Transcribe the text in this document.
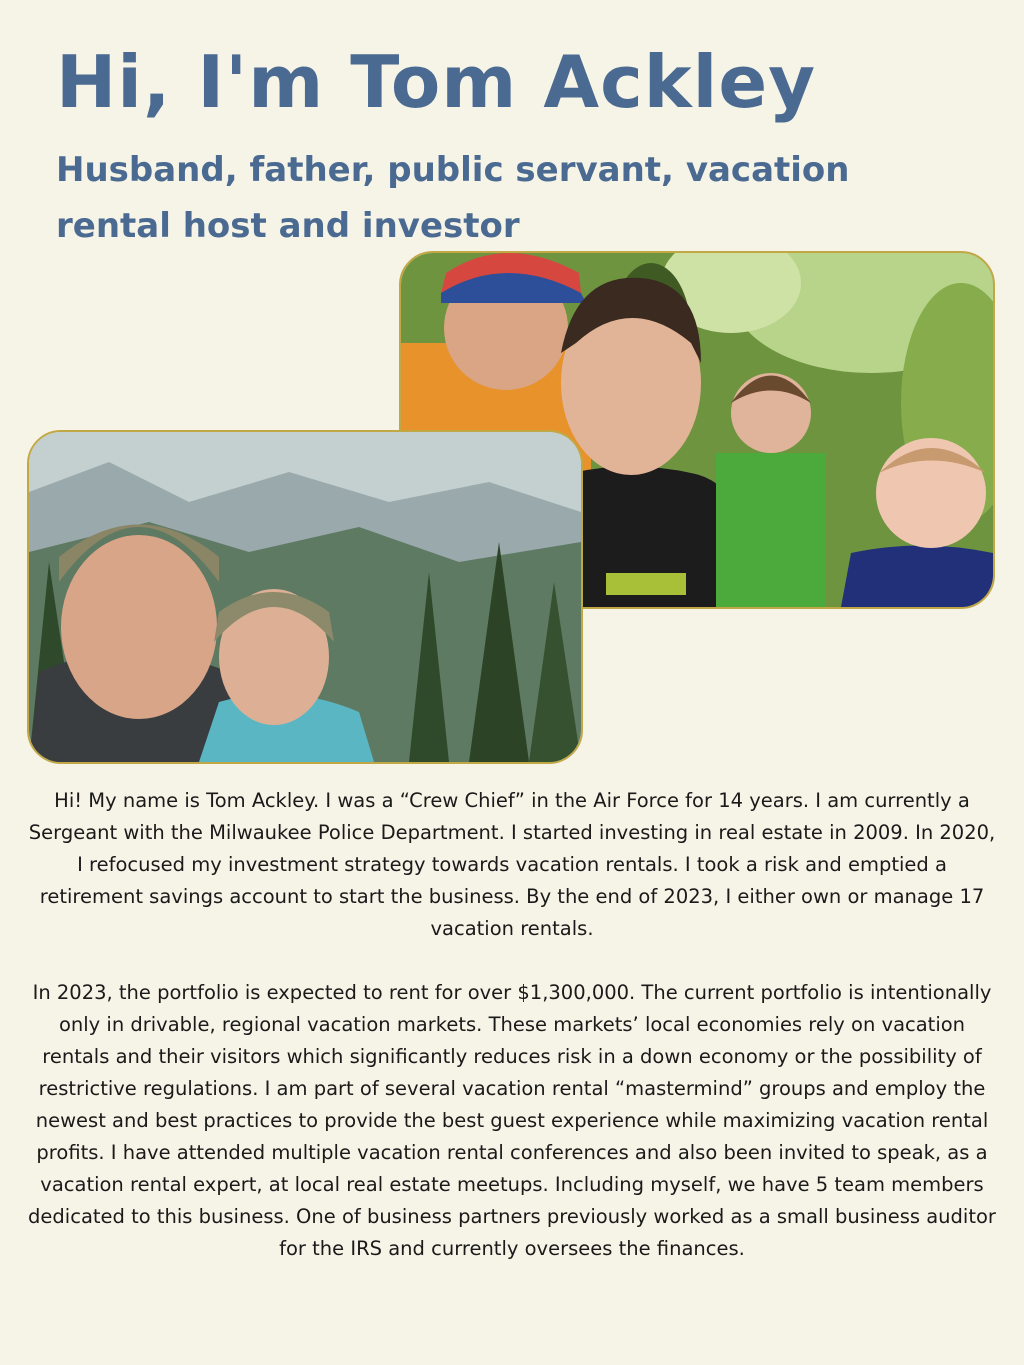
Hi, I'm Tom Ackley
Husband, father, public servant, vacation rental host and investor

Hi! My name is Tom Ackley. I was a “Crew Chief” in the Air Force for 14 years. I am currently a Sergeant with the Milwaukee Police Department. I started investing in real estate in 2009. In 2020, I refocused my investment strategy towards vacation rentals. I took a risk and emptied a retirement savings account to start the business. By the end of 2023, I either own or manage 17 vacation rentals.

In 2023, the portfolio is expected to rent for over $1,300,000. The current portfolio is intentionally only in drivable, regional vacation markets. These markets’ local economies rely on vacation rentals and their visitors which significantly reduces risk in a down economy or the possibility of restrictive regulations. I am part of several vacation rental “mastermind” groups and employ the newest and best practices to provide the best guest experience while maximizing vacation rental profits. I have attended multiple vacation rental conferences and also been invited to speak, as a vacation rental expert, at local real estate meetups. Including myself, we have 5 team members dedicated to this business. One of business partners previously worked as a small business auditor for the IRS and currently oversees the finances.
